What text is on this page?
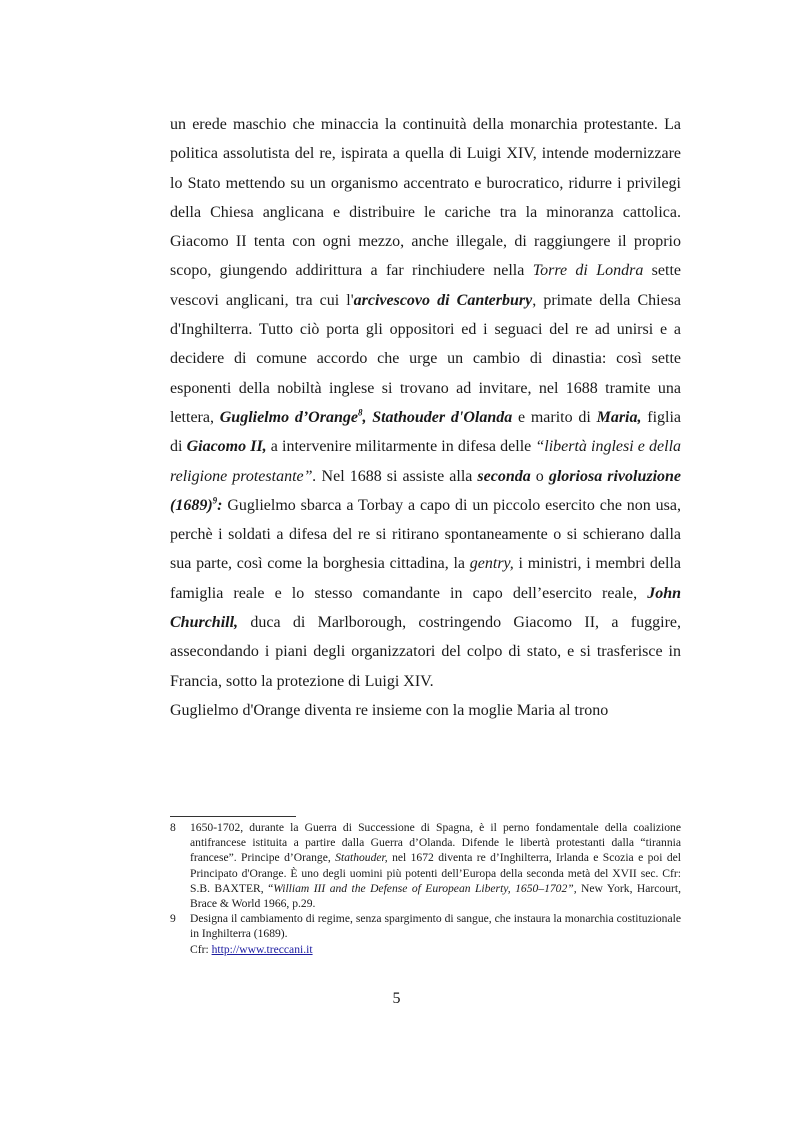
un erede maschio che minaccia la continuità della monarchia protestante. La politica assolutista del re, ispirata a quella di Luigi XIV, intende modernizzare lo Stato mettendo su un organismo accentrato e burocratico, ridurre i privilegi della Chiesa anglicana e distribuire le cariche tra la minoranza cattolica. Giacomo II tenta con ogni mezzo, anche illegale, di raggiungere il proprio scopo, giungendo addirittura a far rinchiudere nella Torre di Londra sette vescovi anglicani, tra cui l'arcivescovo di Canterbury, primate della Chiesa d'Inghilterra. Tutto ciò porta gli oppositori ed i seguaci del re ad unirsi e a decidere di comune accordo che urge un cambio di dinastia: così sette esponenti della nobiltà inglese si trovano ad invitare, nel 1688 tramite una lettera, Guglielmo d’Orange$^8$, Stathouder d'Olanda e marito di Maria, figlia di Giacomo II, a intervenire militarmente in difesa delle “libertà inglesi e della religione protestante”. Nel 1688 si assiste alla seconda o gloriosa rivoluzione (1689)$^9$: Guglielmo sbarca a Torbay a capo di un piccolo esercito che non usa, perchè i soldati a difesa del re si ritirano spontaneamente o si schierano dalla sua parte, così come la borghesia cittadina, la gentry, i ministri, i membri della famiglia reale e lo stesso comandante in capo dell’esercito reale, John Churchill, duca di Marlborough, costringendo Giacomo II, a fuggire, assecondando i piani degli organizzatori del colpo di stato, e si trasferisce in Francia, sotto la protezione di Luigi XIV.

Guglielmo d'Orange diventa re insieme con la moglie Maria al trono

8	1650-1702, durante la Guerra di Successione di Spagna, è il perno fondamentale della coalizione antifrancese istituita a partire dalla Guerra d’Olanda. Difende le libertà protestanti dalla “tirannia francese”. Principe d’Orange, Stathouder, nel 1672 diventa re d’Inghilterra, Irlanda e Scozia e poi del Principato d'Orange. È uno degli uomini più potenti dell’Europa della seconda metà del XVII sec. Cfr: S.B. BAXTER, “William III and the Defense of European Liberty, 1650–1702”, New York, Harcourt, Brace & World 1966, p.29.
9	Designa il cambiamento di regime, senza spargimento di sangue, che instaura la monarchia costituzionale in Inghilterra (1689).
Cfr: http://www.treccani.it
5
